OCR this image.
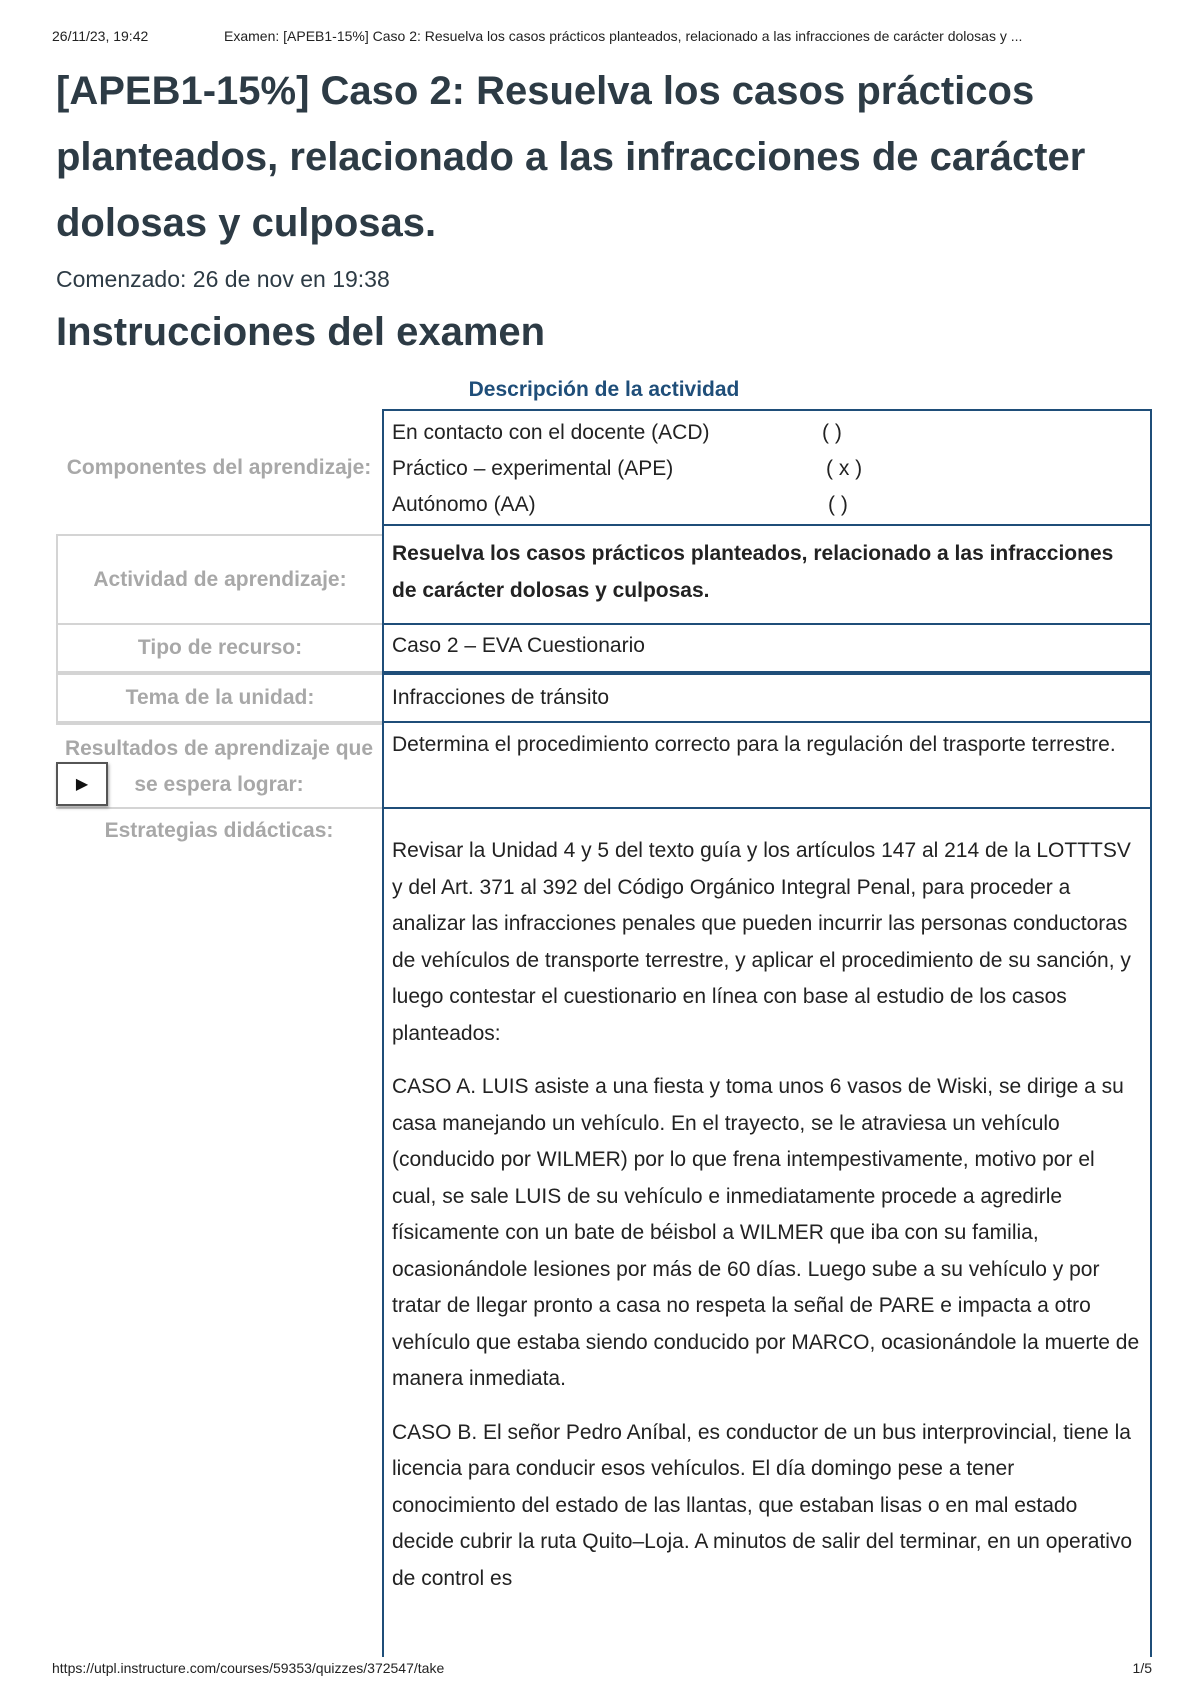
26/11/23, 19:42	Examen: [APEB1-15%] Caso 2: Resuelva los casos prácticos planteados, relacionado a las infracciones de carácter dolosas y ...
[APEB1-15%] Caso 2: Resuelva los casos prácticos planteados, relacionado a las infracciones de carácter dolosas y culposas.
Comenzado: 26 de nov en 19:38
Instrucciones del examen
Descripción de la actividad
Componentes del aprendizaje:
En contacto con el docente (ACD)	( )
Práctico – experimental (APE)	( x )
Autónomo (AA)	( )
Actividad de aprendizaje:
Resuelva los casos prácticos planteados, relacionado a las infracciones de carácter dolosas y culposas.
Tipo de recurso:	Caso 2 – EVA Cuestionario
Tema de la unidad:	Infracciones de tránsito
Resultados de aprendizaje que se espera lograr:
Determina el procedimiento correcto para la regulación del trasporte terrestre.
Estrategias didácticas:

Revisar la Unidad 4 y 5 del texto guía y los artículos 147 al 214 de la LOTTTSV y del Art. 371 al 392 del Código Orgánico Integral Penal, para proceder a analizar las infracciones penales que pueden incurrir las personas conductoras de vehículos de transporte terrestre, y aplicar el procedimiento de su sanción, y luego contestar el cuestionario en línea con base al estudio de los casos planteados:

CASO A. LUIS asiste a una fiesta y toma unos 6 vasos de Wiski, se dirige a su casa manejando un vehículo. En el trayecto, se le atraviesa un vehículo (conducido por WILMER) por lo que frena intempestivamente, motivo por el cual, se sale LUIS de su vehículo e inmediatamente procede a agredirle físicamente con un bate de béisbol a WILMER que iba con su familia, ocasionándole lesiones por más de 60 días. Luego sube a su vehículo y por tratar de llegar pronto a casa no respeta la señal de PARE e impacta a otro vehículo que estaba siendo conducido por MARCO, ocasionándole la muerte de manera inmediata.

CASO B. El señor Pedro Aníbal, es conductor de un bus interprovincial, tiene la licencia para conducir esos vehículos. El día domingo pese a tener conocimiento del estado de las llantas, que estaban lisas o en mal estado decide cubrir la ruta Quito–Loja. A minutos de salir del terminar, en un operativo de control es

▶
https://utpl.instructure.com/courses/59353/quizzes/372547/take	1/5
